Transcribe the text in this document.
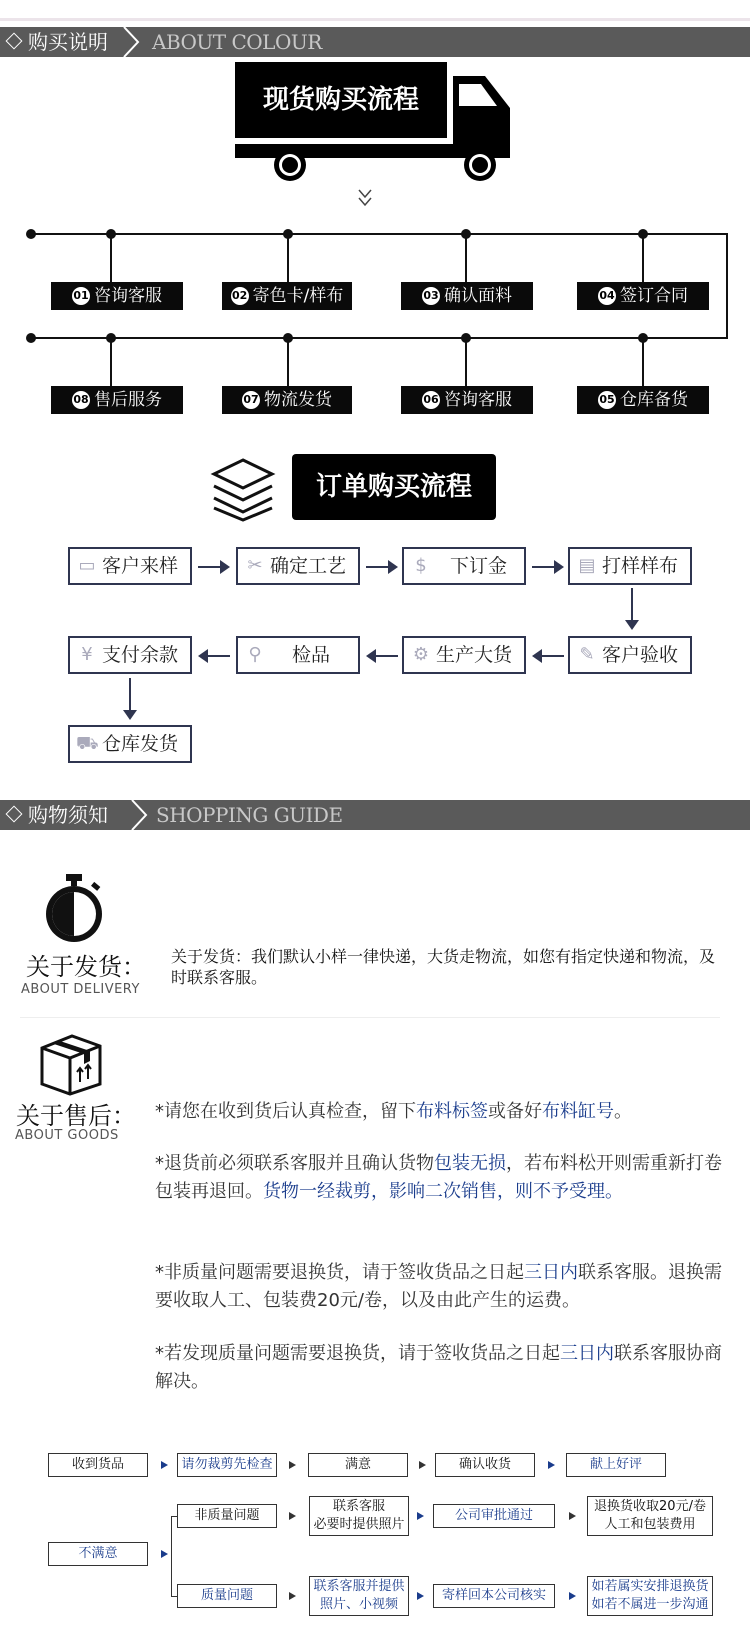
购买说明 ABOUT COLOUR
现货购买流程
01 咨询客服	02 寄色卡/样布	03 确认面料	04 签订合同
08 售后服务	07 物流发货	06 咨询客服	05 仓库备货
订单购买流程
▭ 客户来样	✂ 确定工艺	$ 下订金	▤ 打样样布
¥ 支付余款	⚲ 检品	⚙ 生产大货	✎ 客户验收
⛟ 仓库发货
购物须知 SHOPPING GUIDE
关于发货：
ABOUT DELIVERY
关于发货：我们默认小样一律快递，大货走物流，如您有指定快递和物流，及时联系客服。
关于售后：
ABOUT GOODS
*请您在收到货后认真检查，留下布料标签或备好布料缸号。
*退货前必须联系客服并且确认货物包装无损，若布料松开则需重新打卷包装再退回。货物一经裁剪，影响二次销售，则不予受理。
*非质量问题需要退换货，请于签收货品之日起三日内联系客服。退换需要收取人工、包装费20元/卷，以及由此产生的运费。
*若发现质量问题需要退换货，请于签收货品之日起三日内联系客服协商解决。
收到货品	请勿裁剪先检查	满意	确认收货	献上好评
不满意
非质量问题
联系客服
必要时提供照片
公司审批通过
退换货收取20元/卷
人工和包装费用
质量问题
联系客服并提供
照片、小视频
寄样回本公司核实
如若属实安排退换货
如若不属进一步沟通
